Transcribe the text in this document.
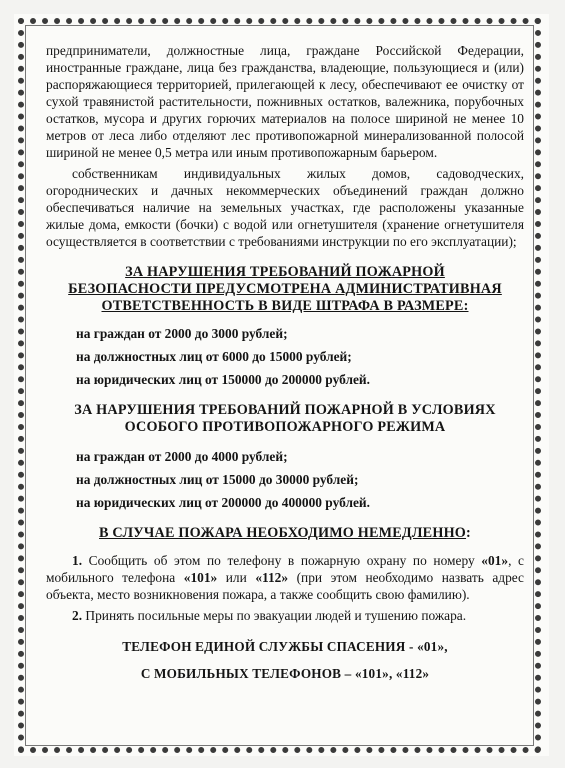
предприниматели, должностные лица, граждане Российской Федерации, иностранные граждане, лица без гражданства, владеющие, пользующиеся и (или) распоряжающиеся территорией, прилегающей к лесу, обеспечивают ее очистку от сухой травянистой растительности, пожнивных остатков, валежника, порубочных остатков, мусора и других горючих материалов на полосе шириной не менее 10 метров от леса либо отделяют лес противопожарной минерализованной полосой шириной не менее 0,5 метра или иным противопожарным барьером.

собственникам индивидуальных жилых домов, садоводческих, огороднических и дачных некоммерческих объединений граждан должно обеспечиваться наличие на земельных участках, где расположены указанные жилые дома, емкости (бочки) с водой или огнетушителя (хранение огнетушителя осуществляется в соответствии с требованиями инструкции по его эксплуатации);

ЗА НАРУШЕНИЯ ТРЕБОВАНИЙ ПОЖАРНОЙ

БЕЗОПАСНОСТИ ПРЕДУСМОТРЕНА АДМИНИСТРАТИВНАЯ

ОТВЕТСТВЕННОСТЬ В ВИДЕ ШТРАФА В РАЗМЕРЕ:

на граждан от 2000 до 3000 рублей;

на должностных лиц от 6000 до 15000 рублей;

на юридических лиц от 150000 до 200000 рублей.

ЗА НАРУШЕНИЯ ТРЕБОВАНИЙ ПОЖАРНОЙ В УСЛОВИЯХ

ОСОБОГО ПРОТИВОПОЖАРНОГО РЕЖИМА

на граждан от 2000 до 4000 рублей;

на должностных лиц от 15000 до 30000 рублей;

на юридических лиц от 200000 до 400000 рублей.

В СЛУЧАЕ ПОЖАРА НЕОБХОДИМО НЕМЕДЛЕННО:

1. Сообщить об этом по телефону в пожарную охрану по номеру «01», с мобильного телефона «101» или «112» (при этом необходимо назвать адрес объекта, место возникновения пожара, а также сообщить свою фамилию).

2. Принять посильные меры по эвакуации людей и тушению пожара.

ТЕЛЕФОН ЕДИНОЙ СЛУЖБЫ СПАСЕНИЯ - «01»,

С МОБИЛЬНЫХ ТЕЛЕФОНОВ – «101», «112»
